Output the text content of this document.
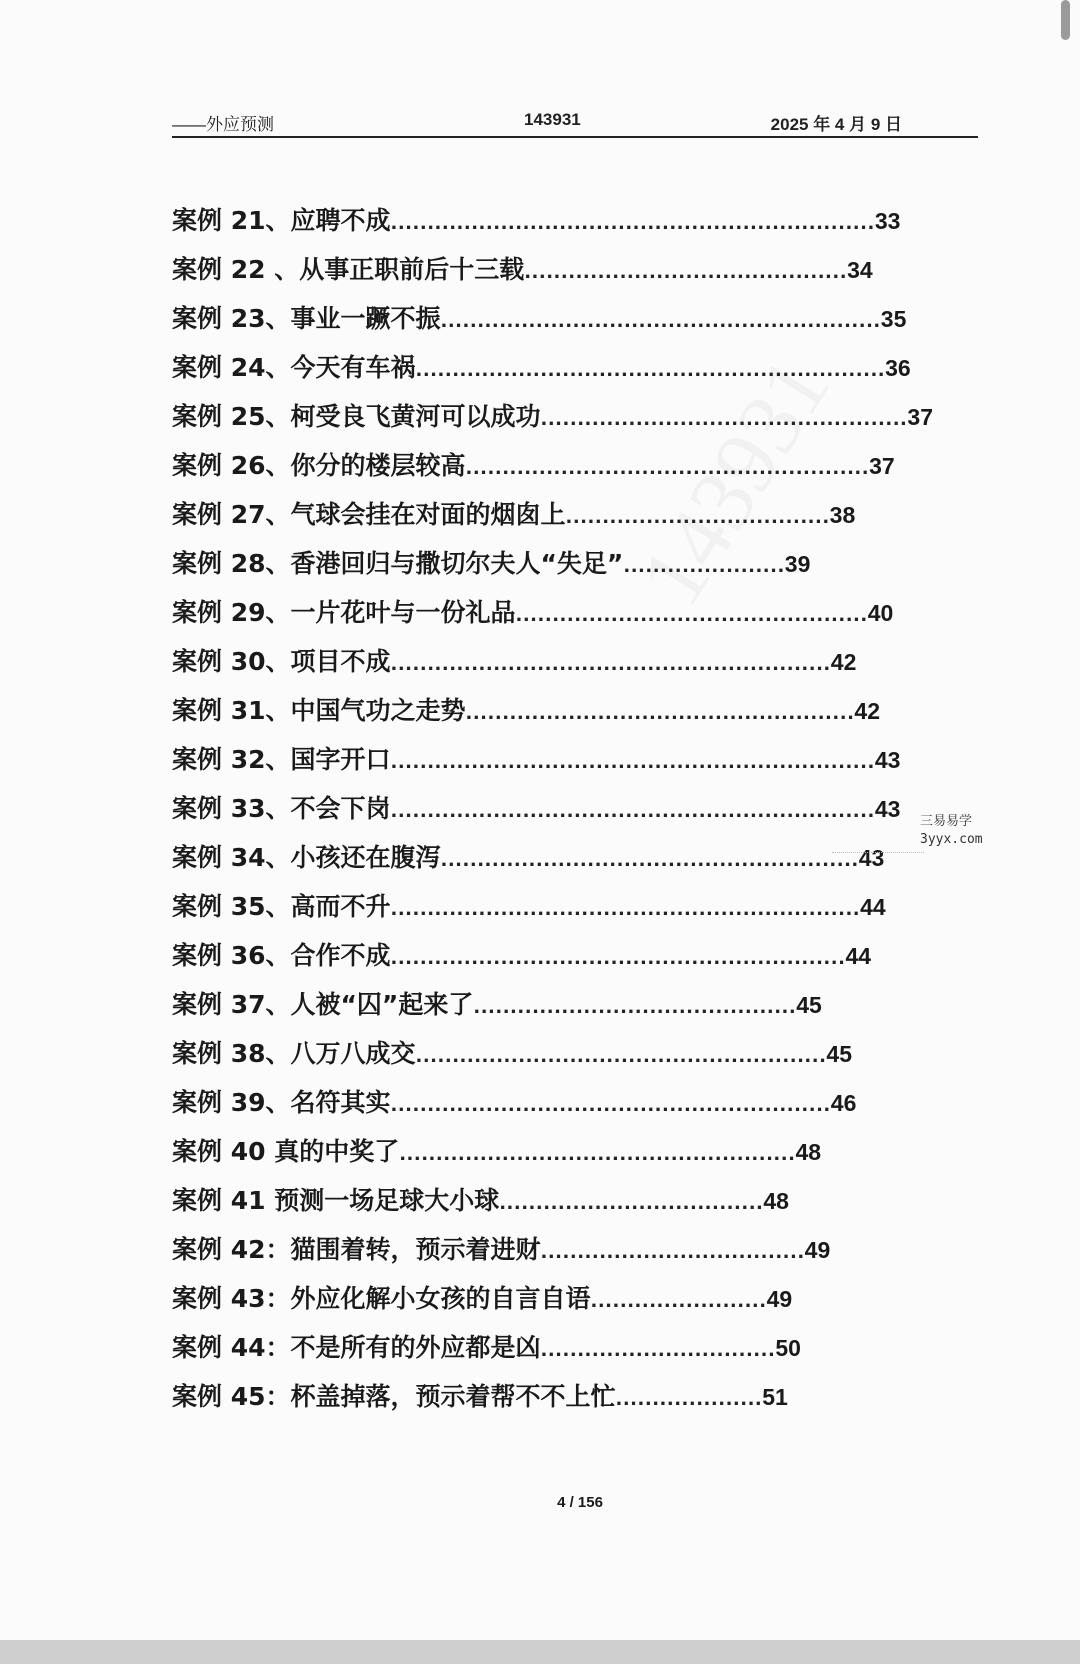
——外应预测	143931	2025 年 4 月 9 日
案例 21、应聘不成 .................................................................. 33
案例 22 、从事正职前后十三载 ............................................ 34
案例 23、事业一蹶不振 ............................................................ 35
案例 24、今天有车祸 ................................................................ 36
案例 25、柯受良飞黄河可以成功 .................................................. 37
案例 26、你分的楼层较高 ....................................................... 37
案例 27、气球会挂在对面的烟囱上 .................................... 38
案例 28、香港回归与撒切尔夫人“失足” ...................... 39
案例 29、一片花叶与一份礼品 ................................................ 40
案例 30、项目不成 ............................................................ 42
案例 31、中国气功之走势 ..................................................... 42
案例 32、国字开口 .................................................................. 43
案例 33、不会下岗 .................................................................. 43
案例 34、小孩还在腹泻 ......................................................... 43
案例 35、高而不升 ................................................................ 44
案例 36、合作不成 .............................................................. 44
案例 37、人被“囚”起来了 ............................................ 45
案例 38、八万八成交 ........................................................ 45
案例 39、名符其实 ............................................................ 46
案例 40 真的中奖了 ...................................................... 48
案例 41 预测一场足球大小球 .................................... 48
案例 42：猫围着转，预示着进财 .................................... 49
案例 43：外应化解小女孩的自言自语 ........................ 49
案例 44：不是所有的外应都是凶 ................................ 50
案例 45：杯盖掉落，预示着帮不不上忙 .................... 51
三易易学
3yyx.com
4 / 156
